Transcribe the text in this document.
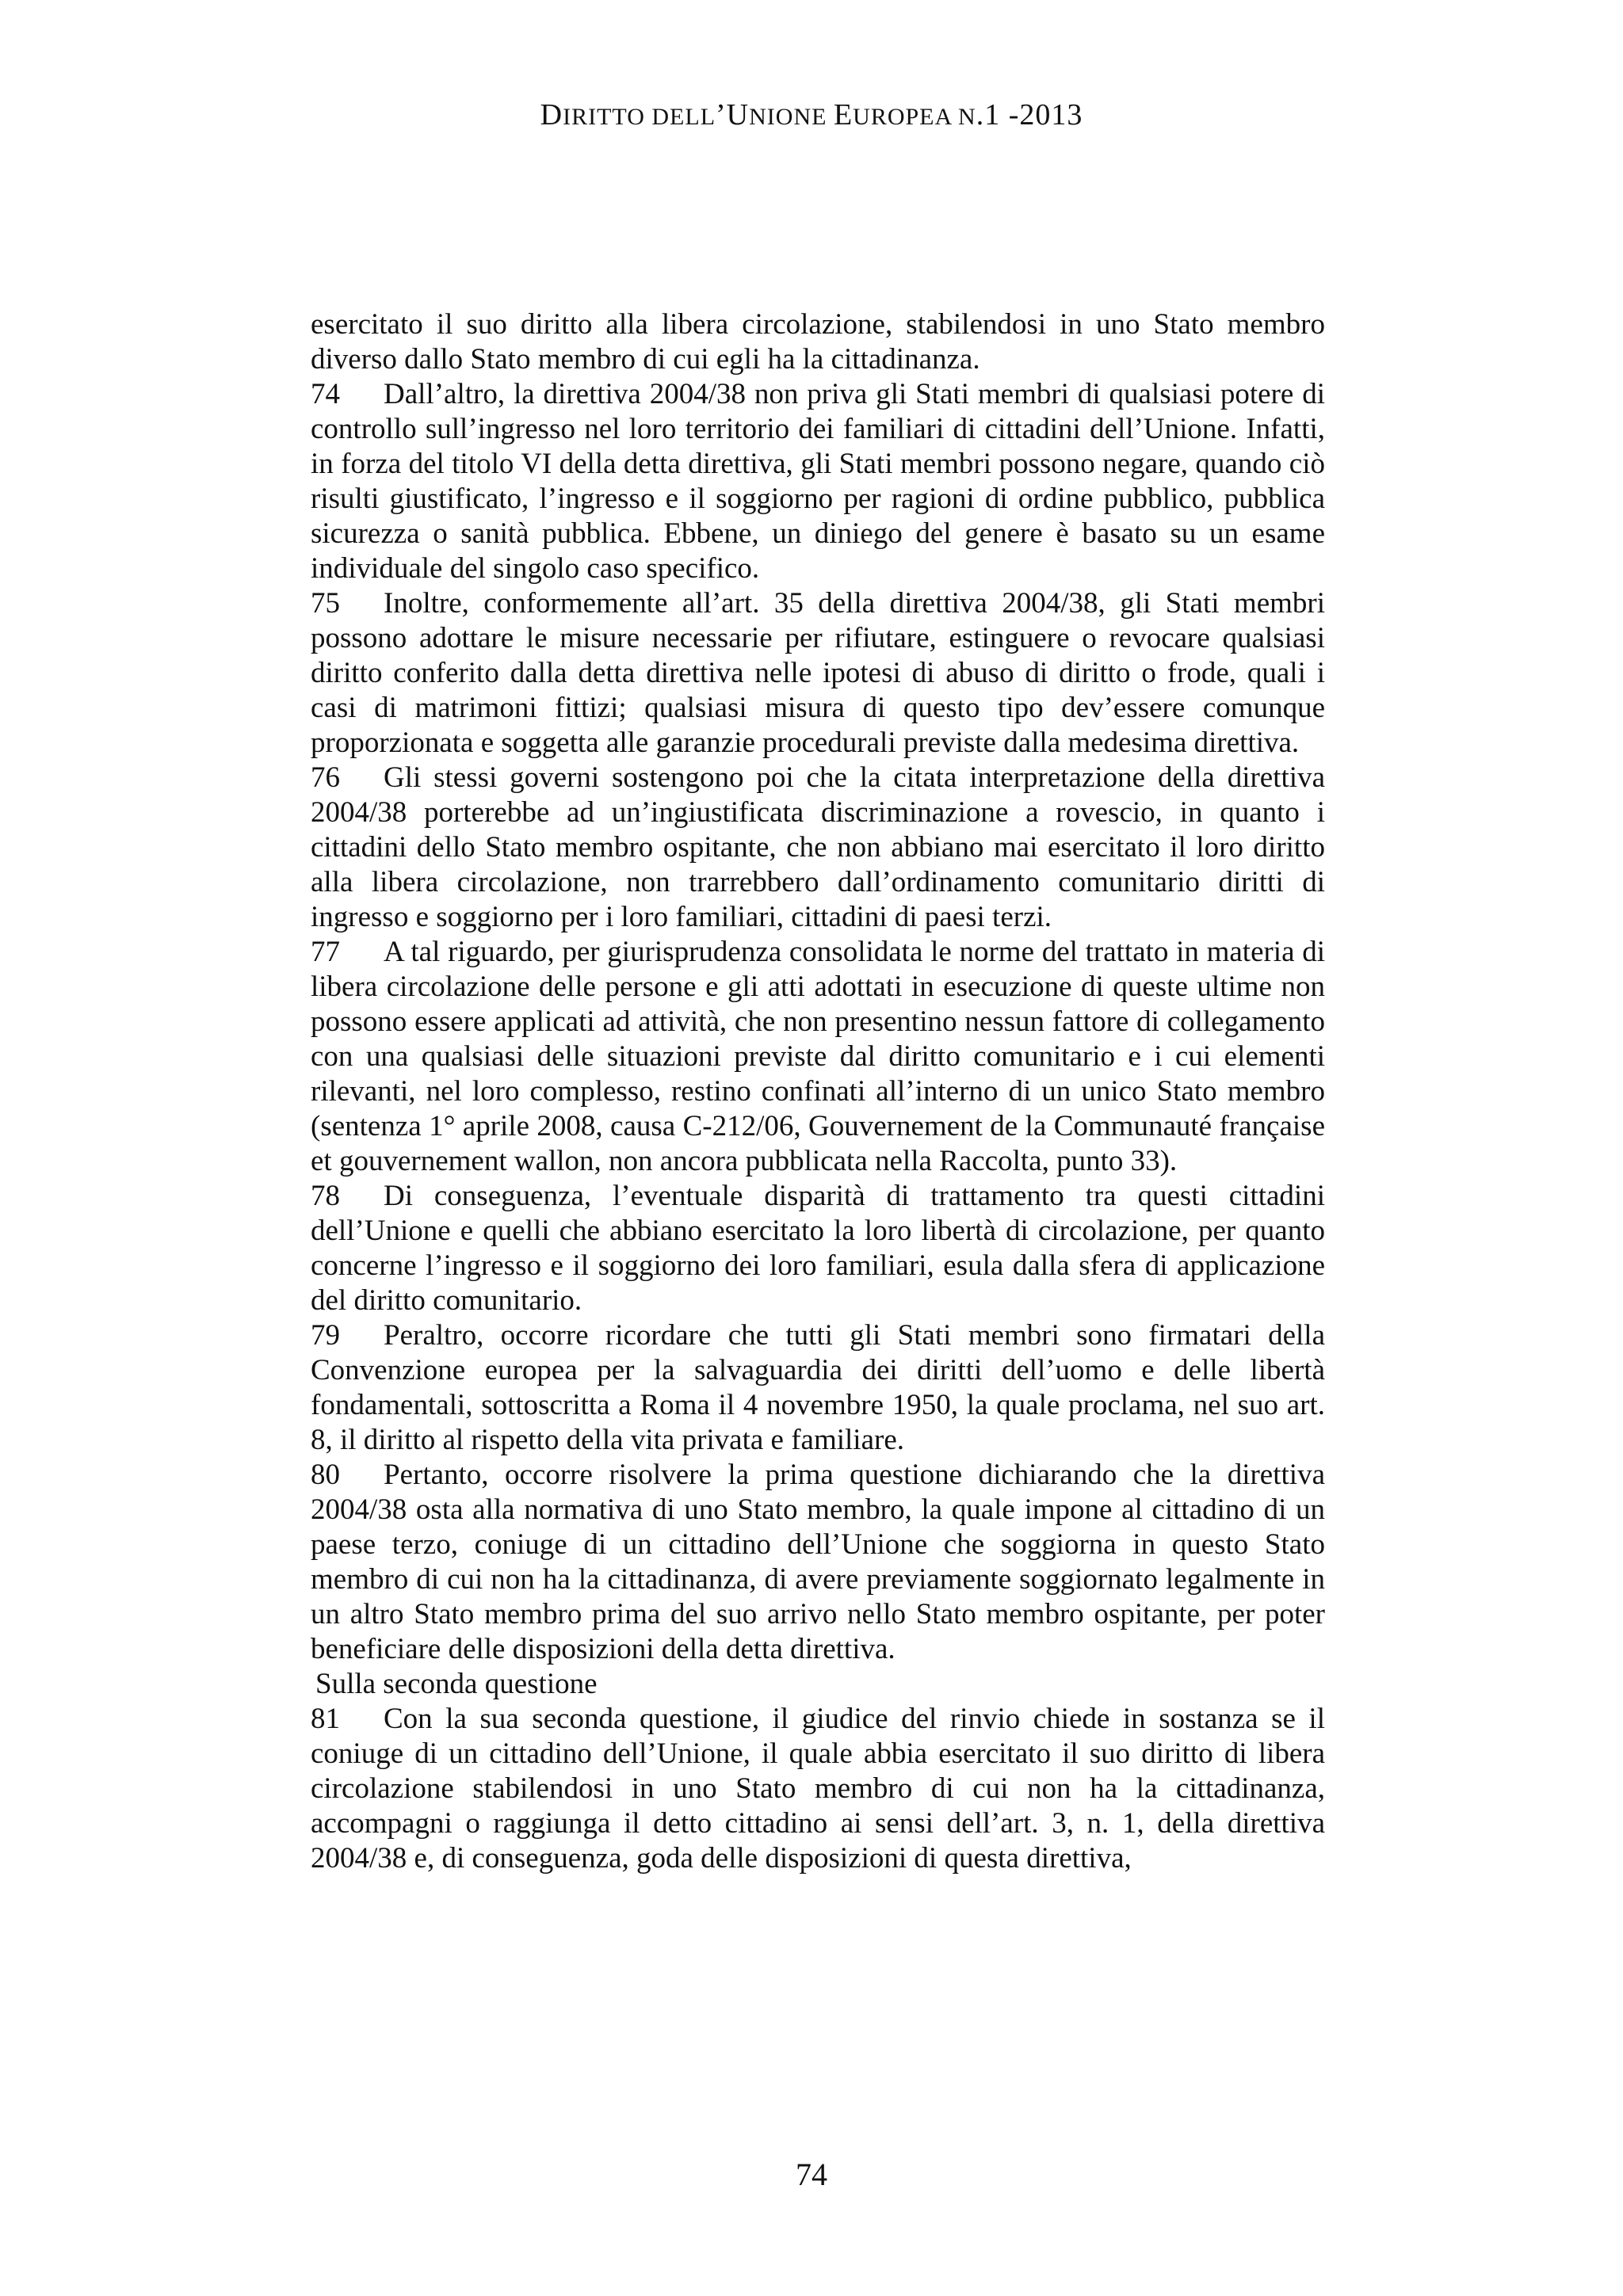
DIRITTO DELL’UNIONE EUROPEA N.1 -2013

esercitato il suo diritto alla libera circolazione, stabilendosi in uno Stato membro diverso dallo Stato membro di cui egli ha la cittadinanza.

74 Dall’altro, la direttiva 2004/38 non priva gli Stati membri di qualsiasi potere di controllo sull’ingresso nel loro territorio dei familiari di cittadini dell’Unione. Infatti, in forza del titolo VI della detta direttiva, gli Stati membri possono negare, quando ciò risulti giustificato, l’ingresso e il soggiorno per ragioni di ordine pubblico, pubblica sicurezza o sanità pubblica. Ebbene, un diniego del genere è basato su un esame individuale del singolo caso specifico.

75 Inoltre, conformemente all’art. 35 della direttiva 2004/38, gli Stati membri possono adottare le misure necessarie per rifiutare, estinguere o revocare qualsiasi diritto conferito dalla detta direttiva nelle ipotesi di abuso di diritto o frode, quali i casi di matrimoni fittizi; qualsiasi misura di questo tipo dev’essere comunque proporzionata e soggetta alle garanzie procedurali previste dalla medesima direttiva.

76 Gli stessi governi sostengono poi che la citata interpretazione della direttiva 2004/38 porterebbe ad un’ingiustificata discriminazione a rovescio, in quanto i cittadini dello Stato membro ospitante, che non abbiano mai esercitato il loro diritto alla libera circolazione, non trarrebbero dall’ordinamento comunitario diritti di ingresso e soggiorno per i loro familiari, cittadini di paesi terzi.

77 A tal riguardo, per giurisprudenza consolidata le norme del trattato in materia di libera circolazione delle persone e gli atti adottati in esecuzione di queste ultime non possono essere applicati ad attività, che non presentino nessun fattore di collegamento con una qualsiasi delle situazioni previste dal diritto comunitario e i cui elementi rilevanti, nel loro complesso, restino confinati all’interno di un unico Stato membro (sentenza 1° aprile 2008, causa C‑212/06, Gouvernement de la Communauté française et gouvernement wallon, non ancora pubblicata nella Raccolta, punto 33).

78 Di conseguenza, l’eventuale disparità di trattamento tra questi cittadini dell’Unione e quelli che abbiano esercitato la loro libertà di circolazione, per quanto concerne l’ingresso e il soggiorno dei loro familiari, esula dalla sfera di applicazione del diritto comunitario.

79 Peraltro, occorre ricordare che tutti gli Stati membri sono firmatari della Convenzione europea per la salvaguardia dei diritti dell’uomo e delle libertà fondamentali, sottoscritta a Roma il 4 novembre 1950, la quale proclama, nel suo art. 8, il diritto al rispetto della vita privata e familiare.

80 Pertanto, occorre risolvere la prima questione dichiarando che la direttiva 2004/38 osta alla normativa di uno Stato membro, la quale impone al cittadino di un paese terzo, coniuge di un cittadino dell’Unione che soggiorna in questo Stato membro di cui non ha la cittadinanza, di avere previamente soggiornato legalmente in un altro Stato membro prima del suo arrivo nello Stato membro ospitante, per poter beneficiare delle disposizioni della detta direttiva.

Sulla seconda questione

81 Con la sua seconda questione, il giudice del rinvio chiede in sostanza se il coniuge di un cittadino dell’Unione, il quale abbia esercitato il suo diritto di libera circolazione stabilendosi in uno Stato membro di cui non ha la cittadinanza, accompagni o raggiunga il detto cittadino ai sensi dell’art. 3, n. 1, della direttiva 2004/38 e, di conseguenza, goda delle disposizioni di questa direttiva,

74
